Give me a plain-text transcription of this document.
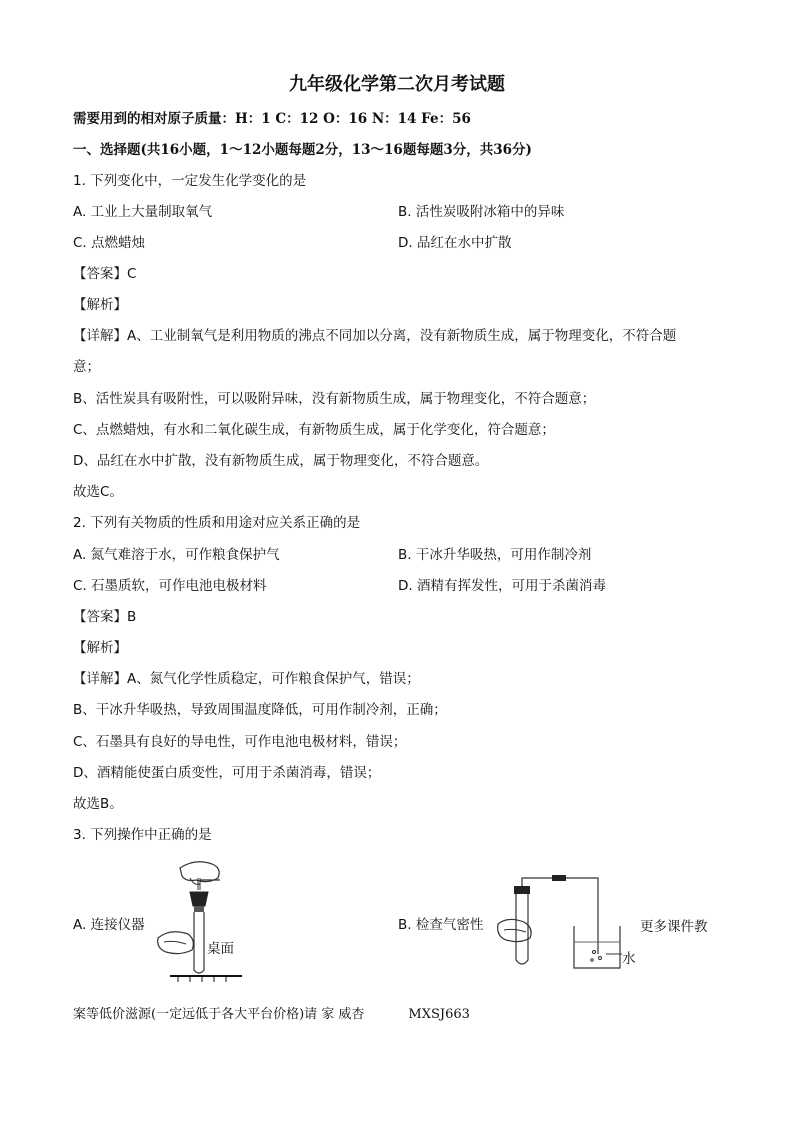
九年级化学第二次月考试题
需要用到的相对原子质量：H：1 C：12 O：16 N：14 Fe：56
一、选择题(共16小题，1～12小题每题2分，13～16题每题3分，共36分)
1. 下列变化中，一定发生化学变化的是
A. 工业上大量制取氧气	B. 活性炭吸附冰箱中的异味
C. 点燃蜡烛	D. 品红在水中扩散
【答案】C
【解析】
【详解】A、工业制氧气是利用物质的沸点不同加以分离，没有新物质生成，属于物理变化，不符合题
意；
B、活性炭具有吸附性，可以吸附异味，没有新物质生成，属于物理变化，不符合题意；
C、点燃蜡烛，有水和二氧化碳生成，有新物质生成，属于化学变化，符合题意；
D、品红在水中扩散，没有新物质生成，属于物理变化，不符合题意。
故选C。
2. 下列有关物质的性质和用途对应关系正确的是
A. 氮气难溶于水，可作粮食保护气	B. 干冰升华吸热，可用作制冷剂
C. 石墨质软，可作电池电极材料	D. 酒精有挥发性，可用于杀菌消毒
【答案】B
【解析】
【详解】A、氮气化学性质稳定，可作粮食保护气，错误；
B、干冰升华吸热，导致周围温度降低，可用作制冷剂，正确；
C、石墨具有良好的导电性，可作电池电极材料，错误；
D、酒精能使蛋白质变性，可用于杀菌消毒，错误；
故选B。
3. 下列操作中正确的是
A. 连接仪器	B. 检查气密性
桌面
水
更多课件教
案等低价滋源(一定远低于各大平台价格)请 家 威杏	MXSJ663
